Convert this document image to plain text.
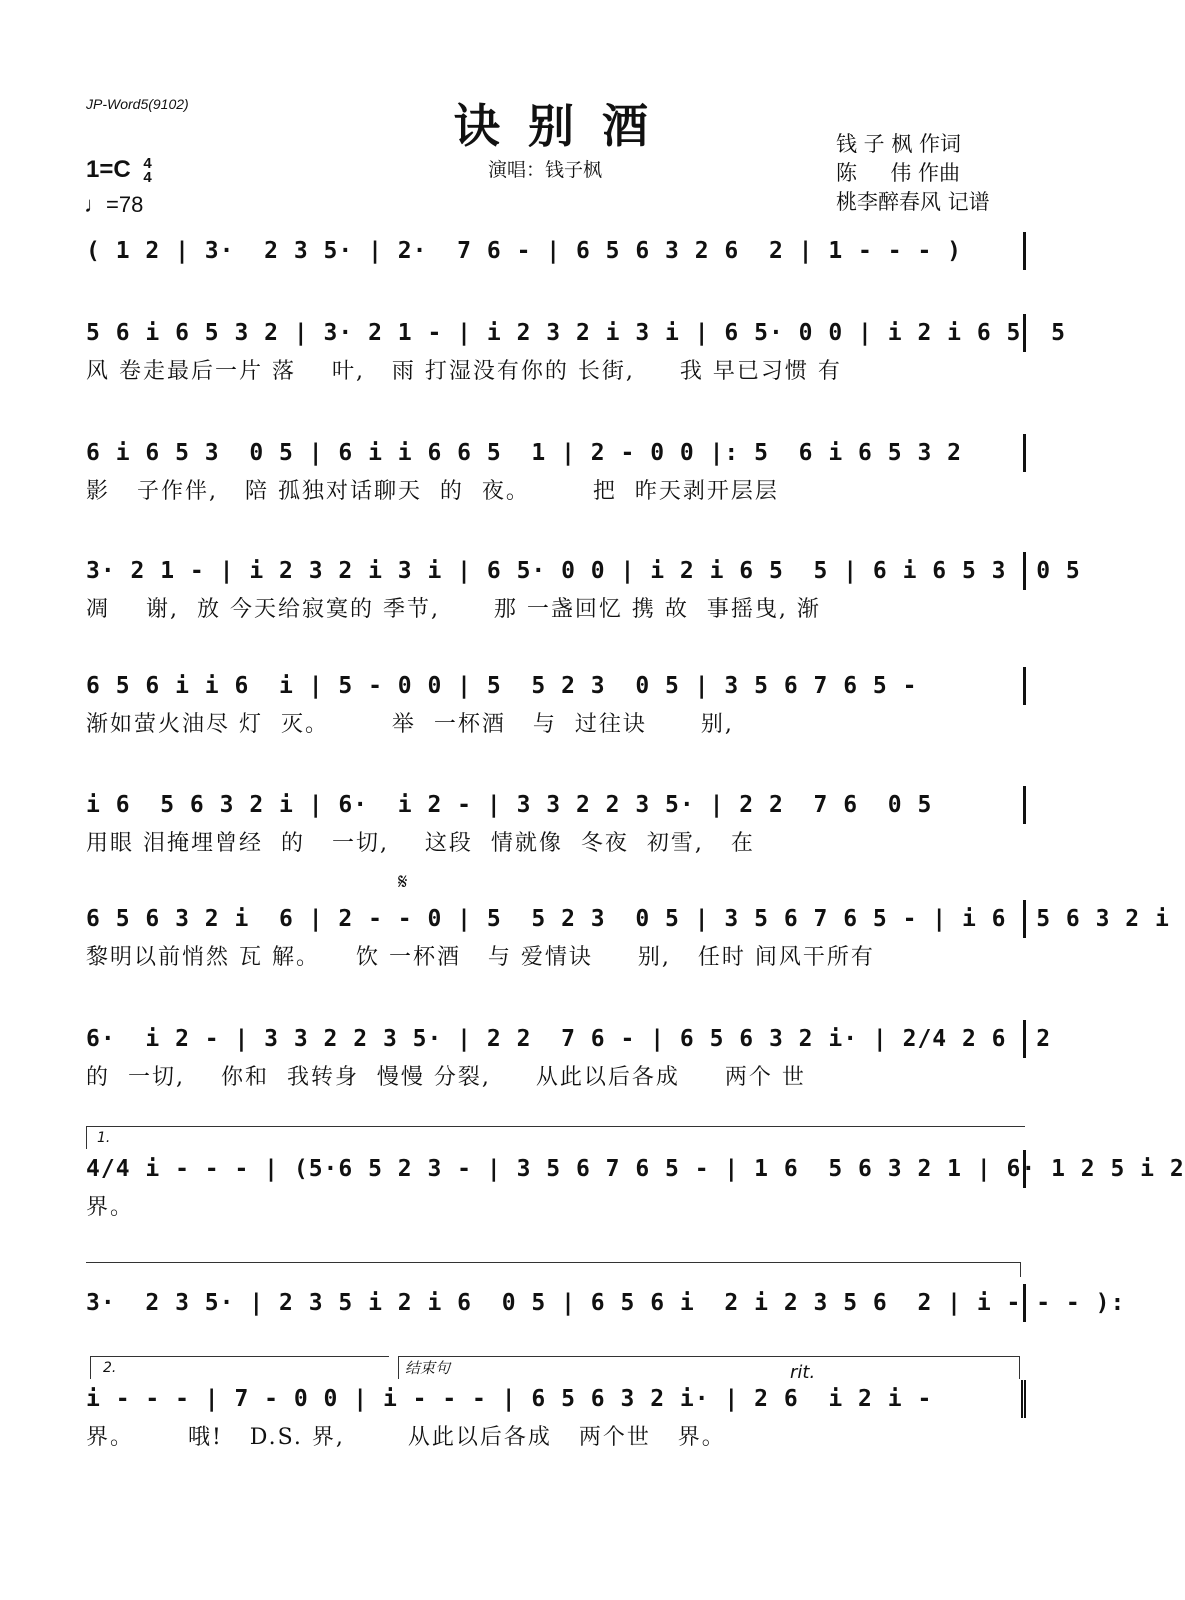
JP-Word5(9102)	诀别酒
演唱：钱子枫
钱 子 枫 作词
陈     伟 作曲
桃李醉春风 记谱
1=C 4
4
♩=78
( 1 2 | 3·  2 3 5· | 2·  7 6 - | 6 5 6 3 2 6  2 | 1 - - - )
5 6 i 6 5 3 2 | 3· 2 1 - | i 2 3 2 i 3 i | 6 5· 0 0 | i 2 i 6 5  5
风 卷走最后一片 落    叶,   雨 打湿没有你的 长街,     我 早已习惯 有
6 i 6 5 3  0 5 | 6 i i 6 6 5  1 | 2 - 0 0 |: 5  6 i 6 5 3 2
影   子作伴,   陪 孤独对话聊天  的  夜。       把  昨天剥开层层
3· 2 1 - | i 2 3 2 i 3 i | 6 5· 0 0 | i 2 i 6 5  5 | 6 i 6 5 3  0 5
凋    谢,  放 今天给寂寞的 季节,      那 一盏回忆 携 故  事摇曳, 渐
6 5 6 i i 6  i | 5 - 0 0 | 5  5 2 3  0 5 | 3 5 6 7 6 5 -
渐如萤火油尽 灯  灭。       举  一杯酒   与  过往诀      别,
i 6  5 6 3 2 i | 6·  i 2 - | 3 3 2 2 3 5· | 2 2  7 6  0 5
用眼 泪掩埋曾经  的   一切,    这段  情就像  冬夜  初雪,   在
𝄋
6 5 6 3 2 i  6 | 2 - - 0 | 5  5 2 3  0 5 | 3 5 6 7 6 5 - | i 6  5 6 3 2 i
黎明以前悄然 瓦 解。    饮 一杯酒   与 爱情诀     别,   任时 间风干所有
6·  i 2 - | 3 3 2 2 3 5· | 2 2  7 6 - | 6 5 6 3 2 i· | 2/4 2 6  2
的  一切,    你和  我转身  慢慢 分裂,     从此以后各成     两个 世
1.
4/4 i - - - | (5·6 5 2 3 - | 3 5 6 7 6 5 - | 1 6  5 6 3 2 1 | 6· 1 2 5 i 2
界。
3·  2 3 5· | 2 3 5 i 2 i 6  0 5 | 6 5 6 i  2 i 2 3 5 6  2 | i - - - ):
2.	结束句	rit.
i - - - | 7 - 0 0 | i - - - | 6 5 6 3 2 i· | 2 6  i 2 i -
界。      哦!   D.S. 界,       从此以后各成   两个世   界。
